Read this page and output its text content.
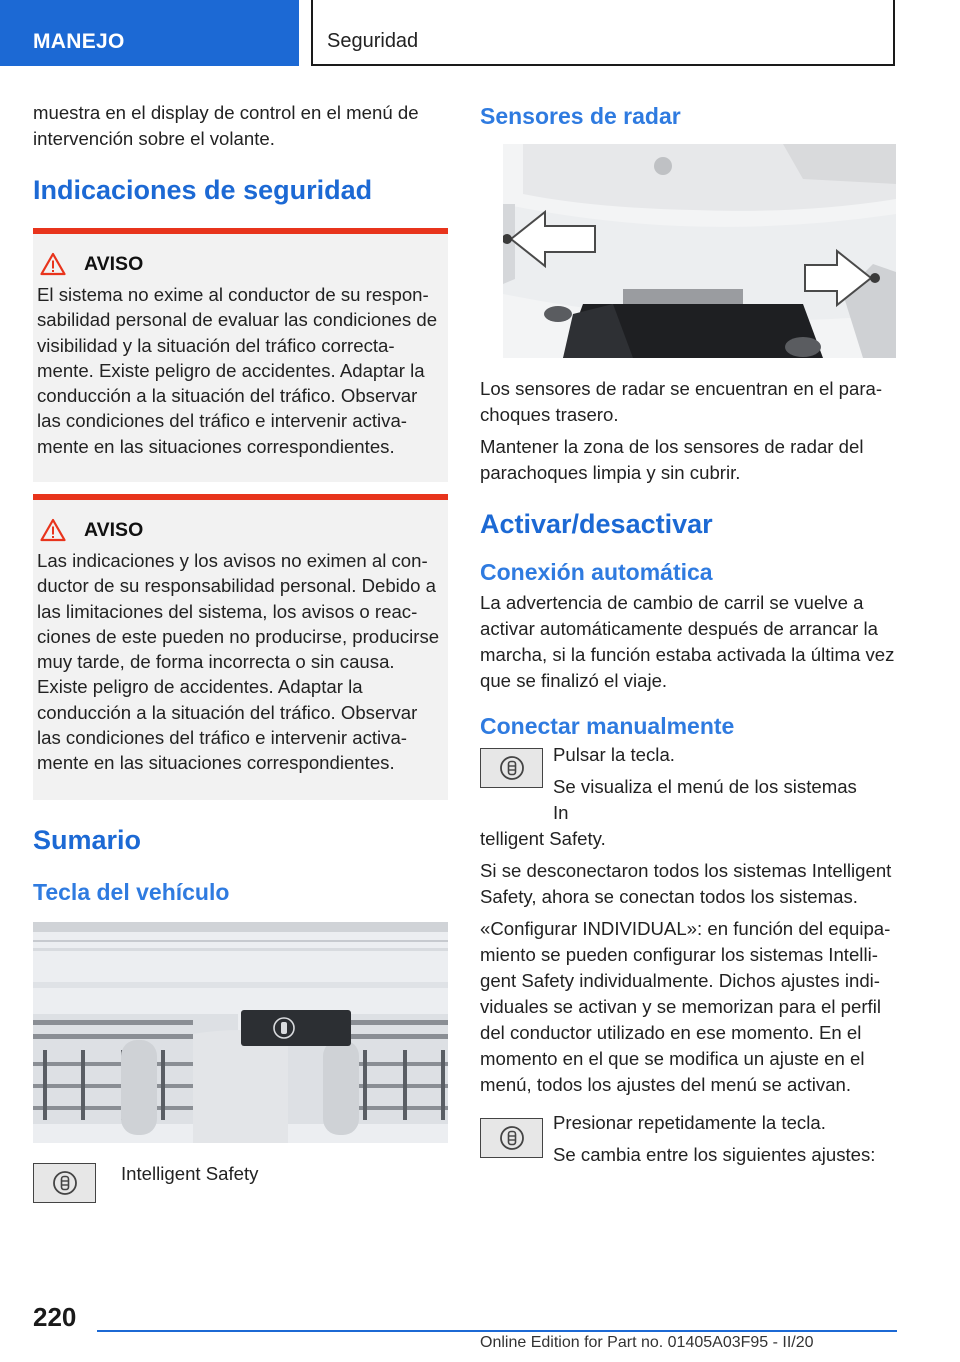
MANEJO	Seguridad

muestra en el display de control en el menú de intervención sobre el volante.

Indicaciones de seguridad
AVISO

El sistema no exime al conductor de su responsabilidad personal de evaluar las condiciones de visibilidad y la situación del tráfico correctamente. Existe peligro de accidentes. Adaptar la conducción a la situación del tráfico. Observar las condiciones del tráfico e intervenir activamente en las situaciones correspondientes.

AVISO

Las indicaciones y los avisos no eximen al conductor de su responsabilidad personal. Debido a las limitaciones del sistema, los avisos o reacciones de este pueden no producirse, producirse muy tarde, de forma incorrecta o sin causa. Existe peligro de accidentes. Adaptar la conducción a la situación del tráfico. Observar las condiciones del tráfico e intervenir activamente en las situaciones correspondientes.

Sumario
Tecla del vehículo

Intelligent Safety

Sensores de radar

Los sensores de radar se encuentran en el parachoques trasero.

Mantener la zona de los sensores de radar del parachoques limpia y sin cubrir.

Activar/desactivar
Conexión automática

La advertencia de cambio de carril se vuelve a activar automáticamente después de arrancar la marcha, si la función estaba activada la última vez que se finalizó el viaje.

Conectar manualmente

Pulsar la tecla.

Se visualiza el menú de los sistemas In

telligent Safety.

Si se desconectaron todos los sistemas Intelligent Safety, ahora se conectan todos los sistemas.

«Configurar INDIVIDUAL»: en función del equipamiento se pueden configurar los sistemas Intelligent Safety individualmente. Dichos ajustes individuales se activan y se memorizan para el perfil del conductor utilizado en ese momento. En el momento en el que se modifica un ajuste en el menú, todos los ajustes del menú se activan.

Presionar repetidamente la tecla.

Se cambia entre los siguientes ajustes:

220
Online Edition for Part no. 01405A03F95 - II/20
